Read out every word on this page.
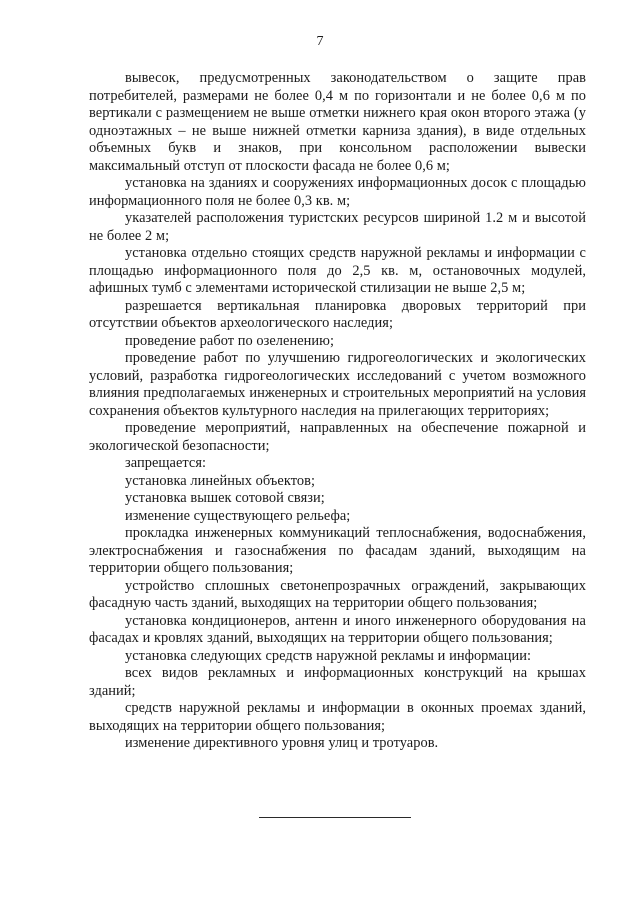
7

вывесок, предусмотренных законодательством о защите прав потребителей, размерами не более 0,4 м по горизонтали и не более 0,6 м по вертикали с размещением не выше отметки нижнего края окон второго этажа (у одноэтажных – не выше нижней отметки карниза здания), в виде отдельных объемных букв и знаков, при консольном расположении вывески максимальный отступ от плоскости фасада не более 0,6 м;

установка на зданиях и сооружениях информационных досок с площадью информационного поля не более 0,3 кв. м;

указателей расположения туристских ресурсов шириной 1.2 м и высотой не более 2 м;

установка отдельно стоящих средств наружной рекламы и информации с площадью информационного поля до 2,5 кв. м, остановочных модулей, афишных тумб с элементами исторической стилизации не выше 2,5 м;

разрешается вертикальная планировка дворовых территорий при отсутствии объектов археологического наследия;

проведение работ по озеленению;

проведение работ по улучшению гидрогеологических и экологических условий, разработка гидрогеологических исследований с учетом возможного влияния предполагаемых инженерных и строительных мероприятий на условия сохранения объектов культурного наследия на прилегающих территориях;

проведение мероприятий, направленных на обеспечение пожарной и экологической безопасности;

запрещается:

установка линейных объектов;

установка вышек сотовой связи;

изменение существующего рельефа;

прокладка инженерных коммуникаций теплоснабжения, водоснабжения, электроснабжения и газоснабжения по фасадам зданий, выходящим на территории общего пользования;

устройство сплошных светонепрозрачных ограждений, закрывающих фасадную часть зданий, выходящих на территории общего пользования;

установка кондиционеров, антенн и иного инженерного оборудования на фасадах и кровлях зданий, выходящих на территории общего пользования;

установка следующих средств наружной рекламы и информации:

всех видов рекламных и информационных конструкций на крышах зданий;

средств наружной рекламы и информации в оконных проемах зданий, выходящих на территории общего пользования;

изменение директивного уровня улиц и тротуаров.
